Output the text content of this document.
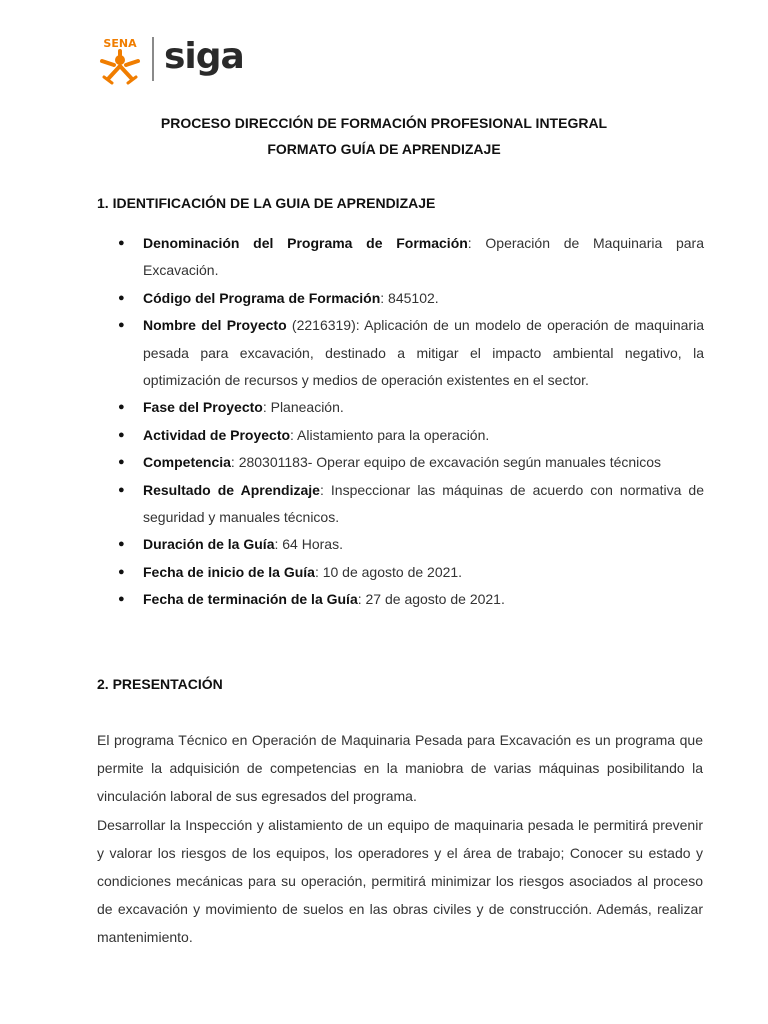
SENA siga
PROCESO DIRECCIÓN DE FORMACIÓN PROFESIONAL INTEGRAL
FORMATO GUÍA DE APRENDIZAJE
1. IDENTIFICACIÓN DE LA GUIA DE APRENDIZAJE
● Denominación del Programa de Formación: Operación de Maquinaria para Excavación.
● Código del Programa de Formación: 845102.
● Nombre del Proyecto (2216319): Aplicación de un modelo de operación de maquinaria pesada para excavación, destinado a mitigar el impacto ambiental negativo, la optimización de recursos y medios de operación existentes en el sector.
● Fase del Proyecto: Planeación.
● Actividad de Proyecto: Alistamiento para la operación.
● Competencia: 280301183- Operar equipo de excavación según manuales técnicos
● Resultado de Aprendizaje: Inspeccionar las máquinas de acuerdo con normativa de seguridad y manuales técnicos.
● Duración de la Guía: 64 Horas.
● Fecha de inicio de la Guía: 10 de agosto de 2021.
● Fecha de terminación de la Guía: 27 de agosto de 2021.
2. PRESENTACIÓN

El programa Técnico en Operación de Maquinaria Pesada para Excavación es un programa que permite la adquisición de competencias en la maniobra de varias máquinas posibilitando la vinculación laboral de sus egresados del programa.

Desarrollar la Inspección y alistamiento de un equipo de maquinaria pesada le permitirá prevenir y valorar los riesgos de los equipos, los operadores y el área de trabajo; Conocer su estado y condiciones mecánicas para su operación, permitirá minimizar los riesgos asociados al proceso de excavación y movimiento de suelos en las obras civiles y de construcción. Además, realizar mantenimiento.
